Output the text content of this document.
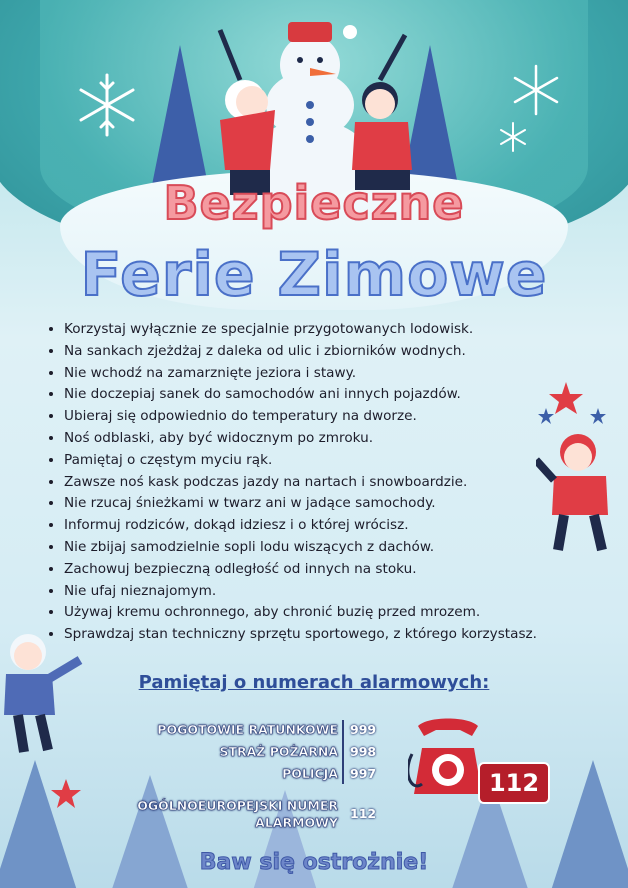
Bezpieczne
Ferie Zimowe
• Korzystaj wyłącznie ze specjalnie przygotowanych lodowisk.
• Na sankach zjeżdżaj z daleka od ulic i zbiorników wodnych.
• Nie wchodź na zamarznięte jeziora i stawy.
• Nie doczepiaj sanek do samochodów ani innych pojazdów.
• Ubieraj się odpowiednio do temperatury na dworze.
• Noś odblaski, aby być widocznym po zmroku.
• Pamiętaj o częstym myciu rąk.
• Zawsze noś kask podczas jazdy na nartach i snowboardzie.
• Nie rzucaj śnieżkami w twarz ani w jadące samochody.
• Informuj rodziców, dokąd idziesz i o której wrócisz.
• Nie zbijaj samodzielnie sopli lodu wiszących z dachów.
• Zachowuj bezpieczną odległość od innych na stoku.
• Nie ufaj nieznajomym.
• Używaj kremu ochronnego, aby chronić buzię przed mrozem.
• Sprawdzaj stan techniczny sprzętu sportowego, z którego korzystasz.
Pamiętaj o numerach alarmowych:
POGOTOWIE RATUNKOWE 999
STRAŻ POŻARNA 998
POLICJA 997
OGÓLNOEUROPEJSKI NUMER
ALARMOWY
112
112
Baw się ostrożnie!
